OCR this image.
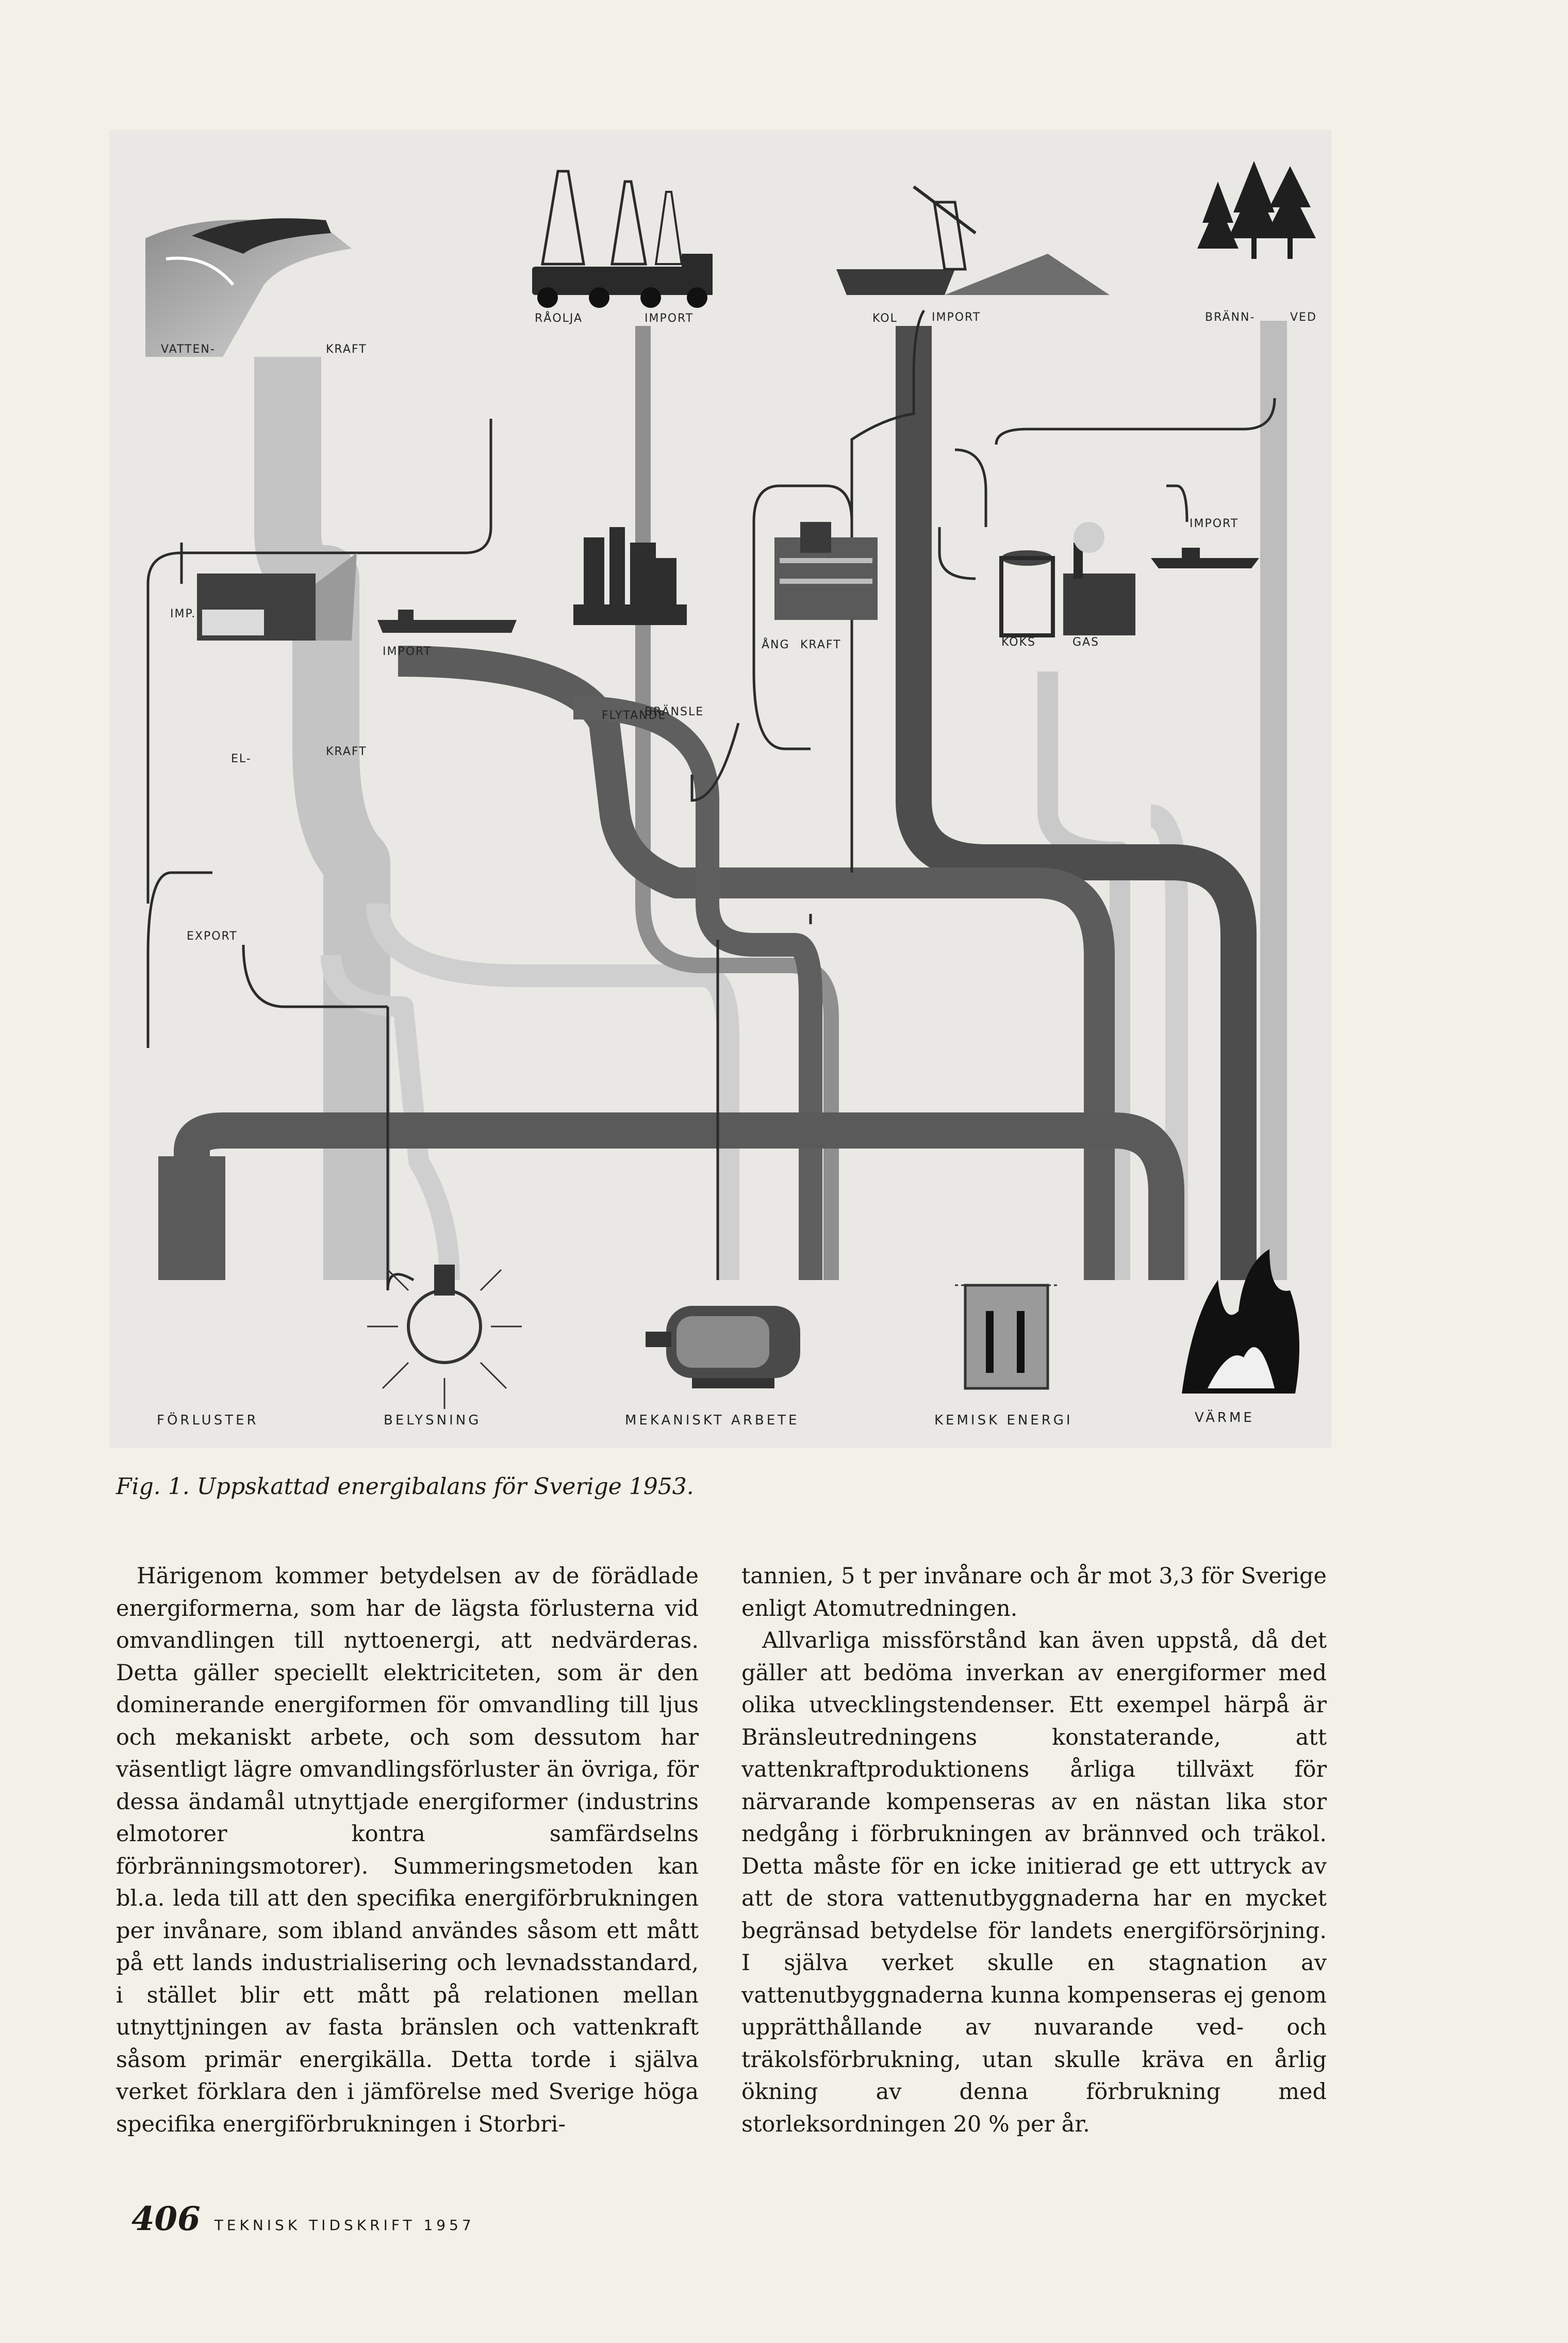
VATTEN-	KRAFT
RÅOLJA	IMPORT	KOL	IMPORT	BRÄNN-	VED
IMP.
IMPORT
IMPORT
ÅNG KRAFT	KOKS	GAS
FLYTANDE
BRÄNSLE
EL-
KRAFT
EXPORT
FÖRLUSTER	BELYSNING	MEKANISKT ARBETE	KEMISK ENERGI	VÄRME

Fig. 1. Uppskattad energibalans för Sverige 1953.

Härigenom kommer betydelsen av de förädlade energiformerna, som har de lägsta förlusterna vid omvandlingen till nyttoenergi, att nedvärderas. Detta gäller speciellt elektriciteten, som är den dominerande energiformen för omvandling till ljus och mekaniskt arbete, och som dessutom har väsentligt lägre omvandlingsförluster än övriga, för dessa ändamål utnyttjade energiformer (industrins elmotorer kontra samfärdselns förbränningsmotorer). Summeringsmetoden kan bl.a. leda till att den specifika energiförbrukningen per invånare, som ibland användes såsom ett mått på ett lands industrialisering och levnadsstandard, i stället blir ett mått på relationen mellan utnyttjningen av fasta bränslen och vattenkraft såsom primär energikälla. Detta torde i själva verket förklara den i jämförelse med Sverige höga specifika energiförbrukningen i Storbri-

tannien, 5 t per invånare och år mot 3,3 för Sverige enligt Atomutredningen.

Allvarliga missförstånd kan även uppstå, då det gäller att bedöma inverkan av energiformer med olika utvecklingstendenser. Ett exempel härpå är Bränsleutredningens konstaterande, att vattenkraftproduktionens årliga tillväxt för närvarande kompenseras av en nästan lika stor nedgång i förbrukningen av brännved och träkol. Detta måste för en icke initierad ge ett uttryck av att de stora vattenutbyggnaderna har en mycket begränsad betydelse för landets energiförsörjning. I själva verket skulle en stagnation av vattenutbyggnaderna kunna kompenseras ej genom upprätthållande av nuvarande ved- och träkolsförbrukning, utan skulle kräva en årlig ökning av denna förbrukning med storleksordningen 20 % per år.

406 TEKNISK TIDSKRIFT 1957
